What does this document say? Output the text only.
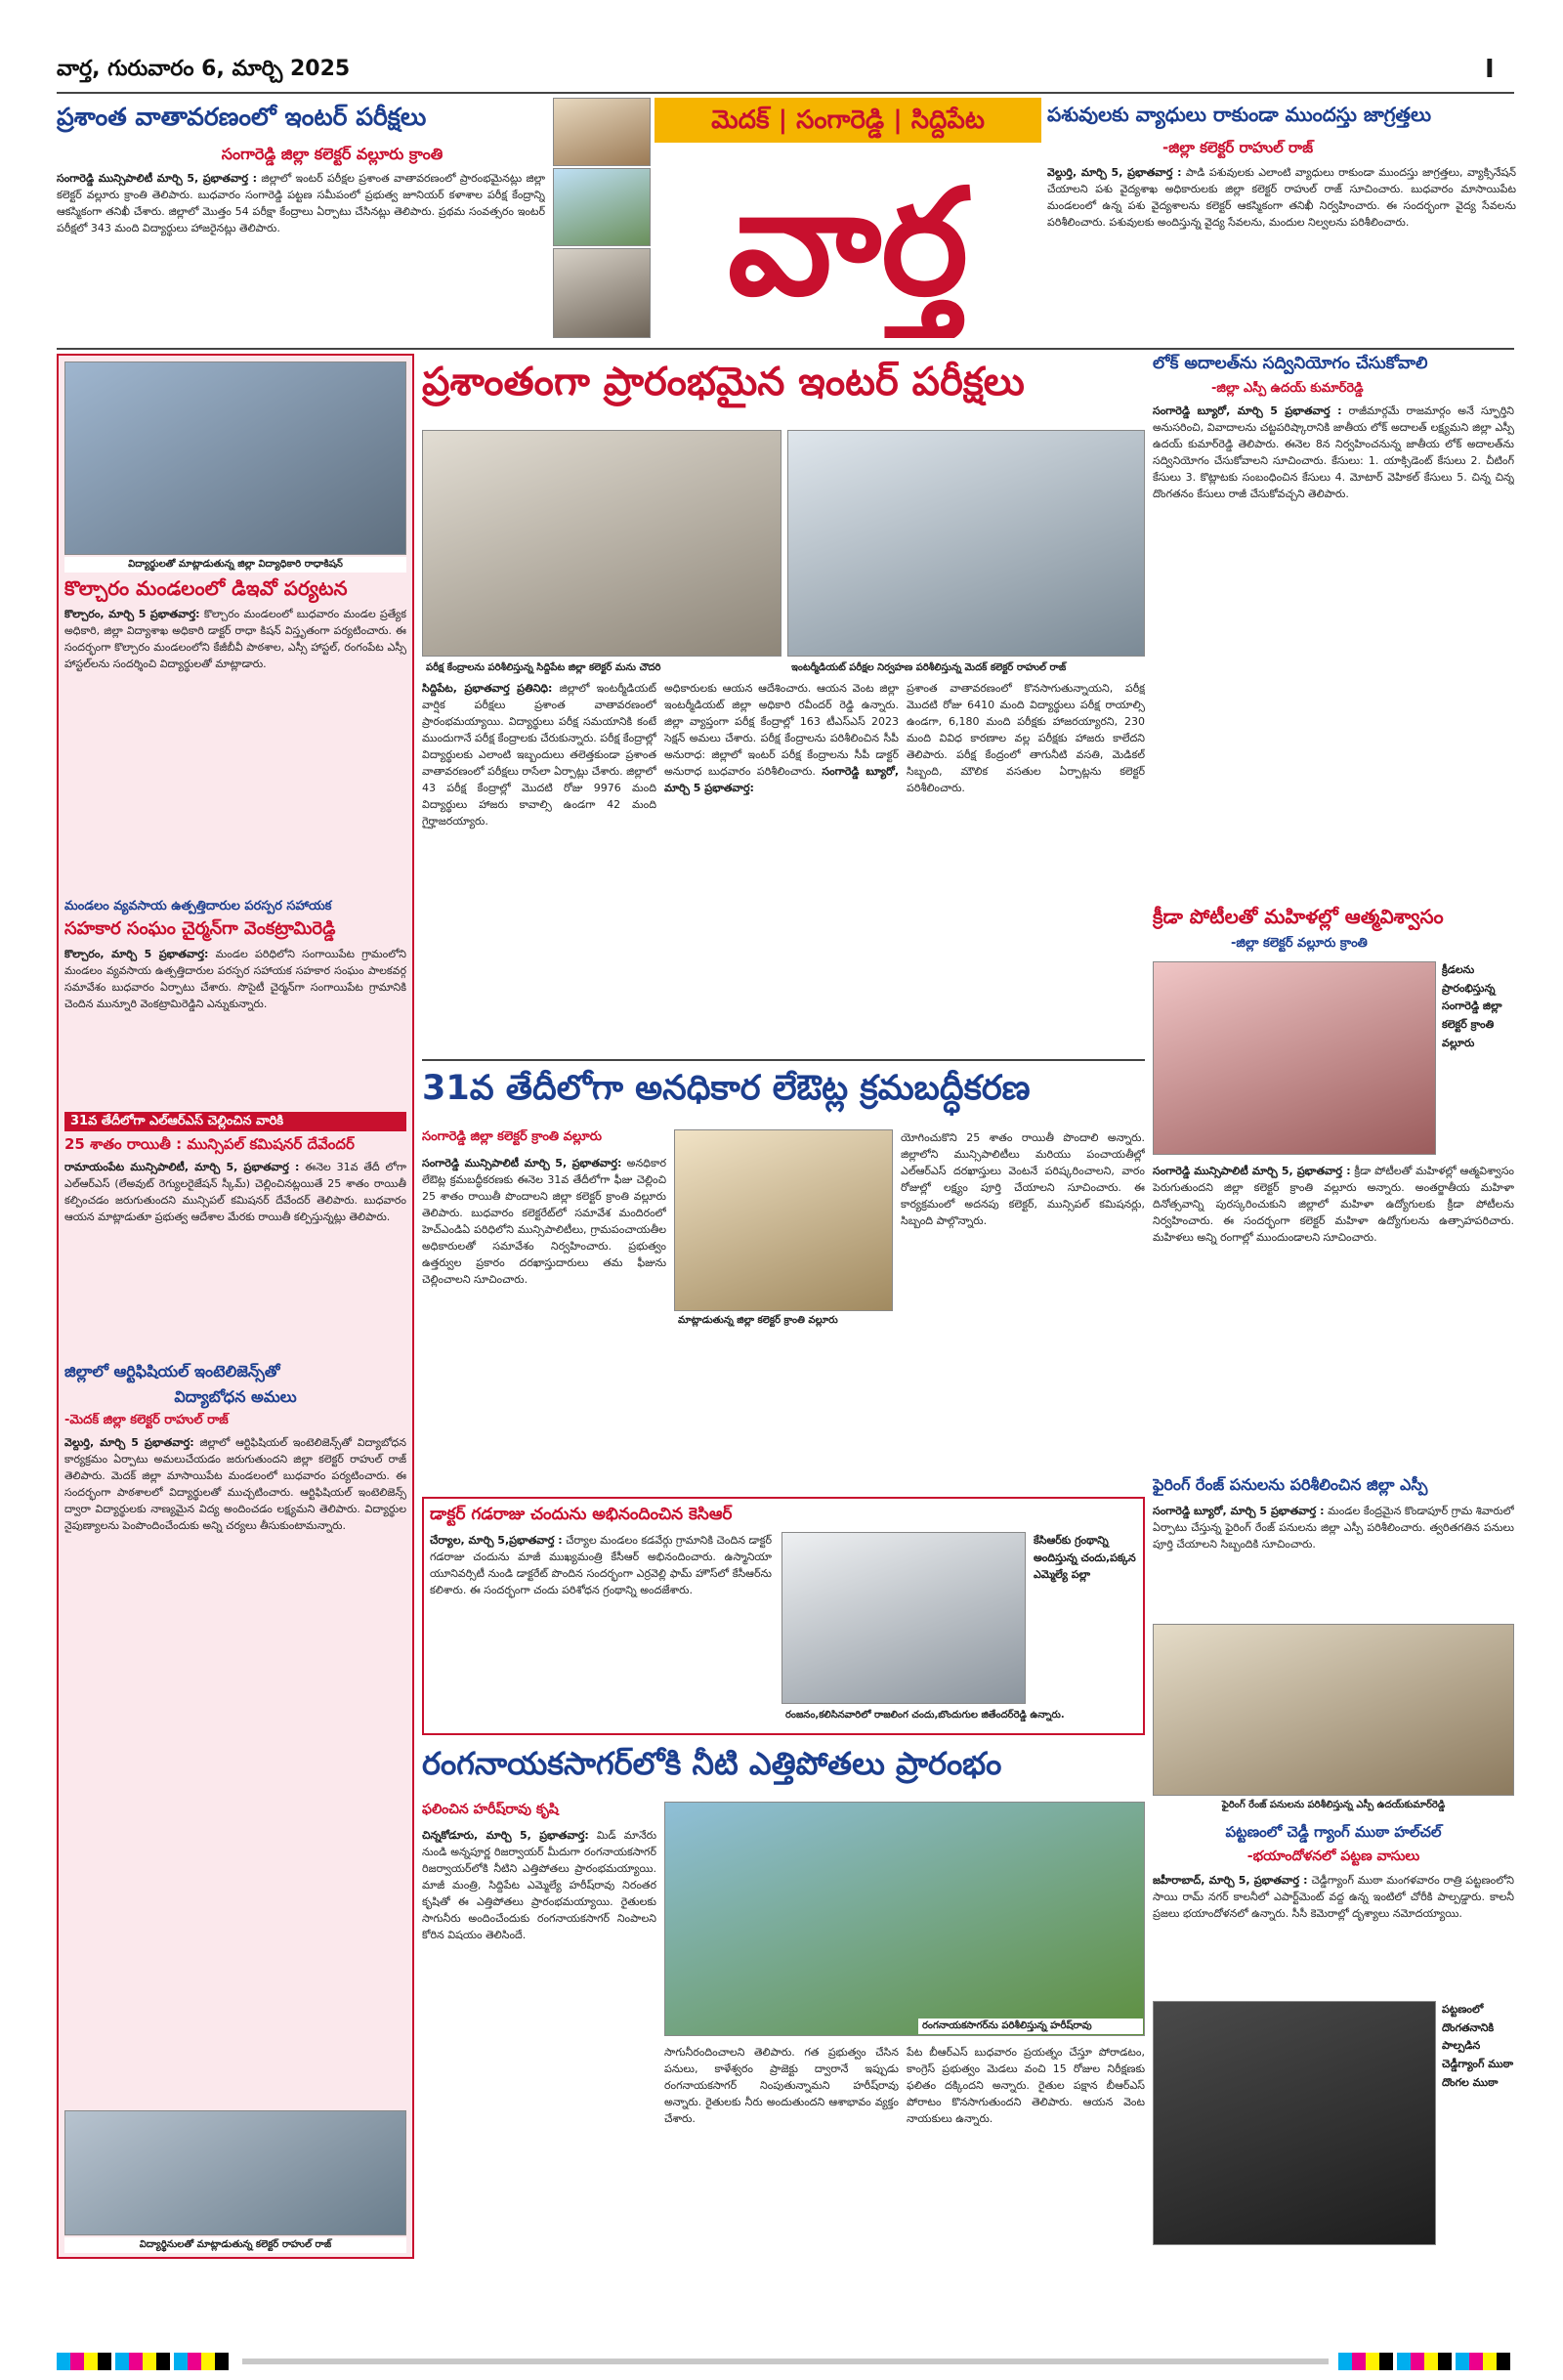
వార్త, గురువారం 6, మార్చి 2025	I
ప్రశాంత వాతావరణంలో ఇంటర్ పరీక్షలు
సంగారెడ్డి జిల్లా కలెక్టర్ వల్లూరు క్రాంతి
సంగారెడ్డి మున్సిపాలిటీ మార్చి 5, ప్రభాతవార్త : జిల్లాలో ఇంటర్ పరీక్షల ప్రశాంత వాతావరణంలో ప్రారంభమైనట్లు జిల్లా కలెక్టర్ వల్లూరు క్రాంతి తెలిపారు. బుధవారం సంగారెడ్డి పట్టణ సమీపంలో ప్రభుత్వ జూనియర్ కళాశాల పరీక్ష కేంద్రాన్ని ఆకస్మికంగా తనిఖీ చేశారు. జిల్లాలో మొత్తం 54 పరీక్షా కేంద్రాలు ఏర్పాటు చేసినట్లు తెలిపారు. ప్రథమ సంవత్సరం ఇంటర్ పరీక్షలో 343 మంది విద్యార్థులు హాజరైనట్లు తెలిపారు.
మెదక్ | సంగారెడ్డి | సిద్దిపేట
వార్త
పశువులకు వ్యాధులు రాకుండా ముందస్తు జాగ్రత్తలు
-జిల్లా కలెక్టర్ రాహుల్ రాజ్
వెల్దుర్తి, మార్చి 5, ప్రభాతవార్త : పాడి పశువులకు ఎలాంటి వ్యాధులు రాకుండా ముందస్తు జాగ్రత్తలు, వ్యాక్సినేషన్ చేయాలని పశు వైద్యశాఖ అధికారులకు జిల్లా కలెక్టర్ రాహుల్ రాజ్ సూచించారు. బుధవారం మాసాయిపేట మండలంలో ఉన్న పశు వైద్యశాలను కలెక్టర్ ఆకస్మికంగా తనిఖీ నిర్వహించారు. ఈ సందర్భంగా వైద్య సేవలను పరిశీలించారు. పశువులకు అందిస్తున్న వైద్య సేవలను, మందుల నిల్వలను పరిశీలించారు.
విద్యార్థులతో మాట్లాడుతున్న జిల్లా విద్యాధికారి రాధాకిషన్
కొల్చారం మండలంలో డిఇవో పర్యటన
కొల్చారం, మార్చి 5 ప్రభాతవార్త: కొల్చారం మండలంలో బుధవారం మండల ప్రత్యేక అధికారి, జిల్లా విద్యాశాఖ అధికారి డాక్టర్ రాధా కిషన్ విస్తృతంగా పర్యటించారు. ఈ సందర్భంగా కొల్చారం మండలంలోని కేజీబీవీ పాఠశాల, ఎస్సీ హాస్టల్, రంగంపేట ఎస్సీ హాస్టల్‌లను సందర్శించి విద్యార్థులతో మాట్లాడారు.
మండలం వ్యవసాయ ఉత్పత్తిదారుల పరస్పర సహాయక
సహకార సంఘం చైర్మన్‌గా వెంకట్రామిరెడ్డి
కొల్చారం, మార్చి 5 ప్రభాతవార్త: మండల పరిధిలోని సంగాయిపేట గ్రామంలోని మండలం వ్యవసాయ ఉత్పత్తిదారుల పరస్పర సహాయక సహకార సంఘం పాలకవర్గ సమావేశం బుధవారం ఏర్పాటు చేశారు. సొసైటీ చైర్మన్‌గా సంగాయిపేట గ్రామానికి చెందిన మున్నూరి వెంకట్రామిరెడ్డిని ఎన్నుకున్నారు.
31వ తేదీలోగా ఎల్ఆర్‌ఎస్ చెల్లించిన వారికి
25 శాతం రాయితీ : మున్సిపల్ కమిషనర్ దేవేందర్
రామాయంపేట మున్సిపాలిటీ, మార్చి 5, ప్రభాతవార్త : ఈనెల 31వ తేదీ లోగా ఎల్ఆర్‌ఎస్ (లేఅవుట్ రెగ్యులరైజేషన్ స్కీమ్) చెల్లించినట్లయితే 25 శాతం రాయితీ కల్పించడం జరుగుతుందని మున్సిపల్ కమిషనర్ దేవేందర్ తెలిపారు. బుధవారం ఆయన మాట్లాడుతూ ప్రభుత్వ ఆదేశాల మేరకు రాయితీ కల్పిస్తున్నట్లు తెలిపారు.
జిల్లాలో ఆర్టిఫిషియల్ ఇంటెలిజెన్స్‌తో
విద్యాబోధన అమలు
-మెదక్ జిల్లా కలెక్టర్ రాహుల్ రాజ్
వెల్దుర్తి, మార్చి 5 ప్రభాతవార్త: జిల్లాలో ఆర్టిఫిషియల్ ఇంటెలిజెన్స్‌తో విద్యాబోధన కార్యక్రమం ఏర్పాటు అమలుచేయడం జరుగుతుందని జిల్లా కలెక్టర్ రాహుల్ రాజ్ తెలిపారు. మెదక్ జిల్లా మాసాయిపేట మండలంలో బుధవారం పర్యటించారు. ఈ సందర్భంగా పాఠశాలలో విద్యార్థులతో ముచ్చటించారు. ఆర్టిఫిషియల్ ఇంటెలిజెన్స్ ద్వారా విద్యార్థులకు నాణ్యమైన విద్య అందించడం లక్ష్యమని తెలిపారు. విద్యార్థుల నైపుణ్యాలను పెంపొందించేందుకు అన్ని చర్యలు తీసుకుంటామన్నారు.
విద్యార్థినులతో మాట్లాడుతున్న కలెక్టర్ రాహుల్ రాజ్
ప్రశాంతంగా ప్రారంభమైన ఇంటర్ పరీక్షలు
పరీక్ష కేంద్రాలను పరిశీలిస్తున్న సిద్దిపేట జిల్లా కలెక్టర్ మను చౌదరి	ఇంటర్మీడియట్ పరీక్షల నిర్వహణ పరిశీలిస్తున్న మెదక్ కలెక్టర్ రాహుల్ రాజ్
సిద్దిపేట, ప్రభాతవార్త ప్రతినిధి: జిల్లాలో ఇంటర్మీడియట్ వార్షిక పరీక్షలు ప్రశాంత వాతావరణంలో ప్రారంభమయ్యాయి. విద్యార్థులు పరీక్ష సమయానికి కంటే ముందుగానే పరీక్ష కేంద్రాలకు చేరుకున్నారు. పరీక్ష కేంద్రాల్లో విద్యార్థులకు ఎలాంటి ఇబ్బందులు తలెత్తకుండా ప్రశాంత వాతావరణంలో పరీక్షలు రాసేలా ఏర్పాట్లు చేశారు. జిల్లాలో 43 పరీక్ష కేంద్రాల్లో మొదటి రోజు 9976 మంది విద్యార్థులు హాజరు కావాల్సి ఉండగా 42 మంది గైర్హాజరయ్యారు.
అధికారులకు ఆయన ఆదేశించారు. ఆయన వెంట జిల్లా ఇంటర్మీడియట్ జిల్లా అధికారి రవీందర్ రెడ్డి ఉన్నారు. జిల్లా వ్యాప్తంగా పరీక్ష కేంద్రాల్లో 163 టీఎస్ఎస్ 2023 సెక్షన్ అమలు చేశారు. పరీక్ష కేంద్రాలను పరిశీలించిన సీపీ అనురాధ: జిల్లాలో ఇంటర్ పరీక్ష కేంద్రాలను సీపీ డాక్టర్ అనురాధ బుధవారం పరిశీలించారు. సంగారెడ్డి బ్యూరో, మార్చి 5 ప్రభాతవార్త:
ప్రశాంత వాతావరణంలో కొనసాగుతున్నాయని, పరీక్ష మొదటి రోజు 6410 మంది విద్యార్థులు పరీక్ష రాయాల్సి ఉండగా, 6,180 మంది పరీక్షకు హాజరయ్యారని, 230 మంది వివిధ కారణాల వల్ల పరీక్షకు హాజరు కాలేదని తెలిపారు. పరీక్ష కేంద్రంలో తాగునీటి వసతి, మెడికల్ సిబ్బంది, మౌలిక వసతుల ఏర్పాట్లను కలెక్టర్ పరిశీలించారు.
31వ తేదీలోగా అనధికార లేఔట్ల క్రమబద్ధీకరణ
సంగారెడ్డి జిల్లా కలెక్టర్ క్రాంతి వల్లూరు
సంగారెడ్డి మున్సిపాలిటీ మార్చి 5, ప్రభాతవార్త: అనధికార లేఔట్ల క్రమబద్ధీకరణకు ఈనెల 31వ తేదీలోగా ఫీజు చెల్లించి 25 శాతం రాయితీ పొందాలని జిల్లా కలెక్టర్ క్రాంతి వల్లూరు తెలిపారు. బుధవారం కలెక్టరేట్‌లో సమావేశ మందిరంలో హెచ్ఎండిఏ పరిధిలోని మున్సిపాలిటీలు, గ్రామపంచాయతీల అధికారులతో సమావేశం నిర్వహించారు. ప్రభుత్వం ఉత్తర్వుల ప్రకారం దరఖాస్తుదారులు తమ ఫీజును చెల్లించాలని సూచించారు.
మాట్లాడుతున్న జిల్లా కలెక్టర్ క్రాంతి వల్లూరు
యోగించుకొని 25 శాతం రాయితీ పొందాలి అన్నారు. జిల్లాలోని మున్సిపాలిటీలు మరియు పంచాయతీల్లో ఎల్ఆర్‌ఎస్ దరఖాస్తులు వెంటనే పరిష్కరించాలని, వారం రోజుల్లో లక్ష్యం పూర్తి చేయాలని సూచించారు. ఈ కార్యక్రమంలో అదనపు కలెక్టర్, మున్సిపల్ కమిషనర్లు, సిబ్బంది పాల్గొన్నారు.
డాక్టర్ గడరాజు చందును అభినందించిన కెసిఆర్
చేర్యాల, మార్చి 5,ప్రభాతవార్త : చేర్యాల మండలం కడవేర్గు గ్రామానికి చెందిన డాక్టర్ గడరాజు చందును మాజీ ముఖ్యమంత్రి కేసీఆర్ అభినందించారు. ఉస్మానియా యూనివర్సిటీ నుండి డాక్టరేట్ పొందిన సందర్భంగా ఎర్రవెల్లి ఫామ్ హౌస్‌లో కేసీఆర్‌ను కలిశారు. ఈ సందర్భంగా చందు పరిశోధన గ్రంథాన్ని అందజేశారు.
కేసిఆర్‌కు గ్రంథాన్ని అందిస్తున్న చందు,పక్కన ఎమ్మెల్యే పల్లా
రంజనం,కలిసినవారిలో రాజలింగ చందు,బొందుగుల జితేందర్‌రెడ్డి ఉన్నారు.
రంగనాయకసాగర్‌లోకి నీటి ఎత్తిపోతలు ప్రారంభం
ఫలించిన హరీష్‌రావు కృషి
చిన్నకోడూరు, మార్చి 5, ప్రభాతవార్త: మిడ్ మానేరు నుండి అన్నపూర్ణ రిజర్వాయర్ మీదుగా రంగనాయకసాగర్ రిజర్వాయర్‌లోకి నీటిని ఎత్తిపోతలు ప్రారంభమయ్యాయి. మాజీ మంత్రి, సిద్దిపేట ఎమ్మెల్యే హరీష్‌రావు నిరంతర కృషితో ఈ ఎత్తిపోతలు ప్రారంభమయ్యాయి. రైతులకు సాగునీరు అందించేందుకు రంగనాయకసాగర్ నింపాలని కోరిన విషయం తెలిసిందే.
రంగనాయకసాగర్‌ను పరిశీలిస్తున్న హరీష్‌రావు
సాగునీరందించాలని తెలిపారు. గత ప్రభుత్వం చేసిన పనులు, కాళేశ్వరం ప్రాజెక్టు ద్వారానే ఇప్పుడు రంగనాయకసాగర్ నింపుతున్నామని హరీష్‌రావు అన్నారు. రైతులకు నీరు అందుతుందని ఆశాభావం వ్యక్తం చేశారు.
పేట బీఆర్‌ఎస్ బుధవారం ప్రయత్నం చేస్తూ పోరాడటం, కాంగ్రెస్ ప్రభుత్వం మెడలు వంచి 15 రోజుల నిరీక్షణకు ఫలితం దక్కిందని అన్నారు. రైతుల పక్షాన బీఆర్‌ఎస్ పోరాటం కొనసాగుతుందని తెలిపారు. ఆయన వెంట నాయకులు ఉన్నారు.
లోక్ అదాలత్‌ను సద్వినియోగం చేసుకోవాలి
-జిల్లా ఎస్పీ ఉదయ్ కుమార్‌రెడ్డి
సంగారెడ్డి బ్యూరో, మార్చి 5 ప్రభాతవార్త : రాజీమార్గమే రాజమార్గం అనే స్ఫూర్తిని అనుసరించి, వివాదాలను చట్టపరిష్కారానికి జాతీయ లోక్ అదాలత్ లక్ష్యమని జిల్లా ఎస్పీ ఉదయ్ కుమార్‌రెడ్డి తెలిపారు. ఈనెల 8న నిర్వహించనున్న జాతీయ లోక్ అదాలత్‌ను సద్వినియోగం చేసుకోవాలని సూచించారు. కేసులు: 1. యాక్సిడెంట్ కేసులు 2. చీటింగ్ కేసులు 3. కొట్లాటకు సంబంధించిన కేసులు 4. మోటార్ వెహికల్ కేసులు 5. చిన్న చిన్న దొంగతనం కేసులు రాజీ చేసుకోవచ్చని తెలిపారు.
క్రీడా పోటీలతో మహిళల్లో ఆత్మవిశ్వాసం
-జిల్లా కలెక్టర్ వల్లూరు క్రాంతి
క్రీడలను ప్రారంభిస్తున్న సంగారెడ్డి జిల్లా కలెక్టర్ క్రాంతి వల్లూరు
సంగారెడ్డి మున్సిపాలిటీ మార్చి 5, ప్రభాతవార్త : క్రీడా పోటీలతో మహిళల్లో ఆత్మవిశ్వాసం పెరుగుతుందని జిల్లా కలెక్టర్ క్రాంతి వల్లూరు అన్నారు. అంతర్జాతీయ మహిళా దినోత్సవాన్ని పురస్కరించుకుని జిల్లాలో మహిళా ఉద్యోగులకు క్రీడా పోటీలను నిర్వహించారు. ఈ సందర్భంగా కలెక్టర్ మహిళా ఉద్యోగులను ఉత్సాహపరిచారు. మహిళలు అన్ని రంగాల్లో ముందుండాలని సూచించారు.
ఫైరింగ్ రేంజ్ పనులను పరిశీలించిన జిల్లా ఎస్పీ
సంగారెడ్డి బ్యూరో, మార్చి 5 ప్రభాతవార్త : మండల కేంద్రమైన కొండాపూర్ గ్రామ శివారులో ఏర్పాటు చేస్తున్న ఫైరింగ్ రేంజ్ పనులను జిల్లా ఎస్పీ పరిశీలించారు. త్వరితగతిన పనులు పూర్తి చేయాలని సిబ్బందికి సూచించారు.
ఫైరింగ్ రేంజ్ పనులను పరిశీలిస్తున్న ఎస్పీ ఉదయ్‌కుమార్‌రెడ్డి
పట్టణంలో చెడ్డీ గ్యాంగ్ ముఠా హల్‌చల్
-భయాందోళనలో పట్టణ వాసులు
జహీరాబాద్, మార్చి 5, ప్రభాతవార్త : చెడ్డీగ్యాంగ్ ముఠా మంగళవారం రాత్రి పట్టణంలోని సాయి రామ్ నగర్ కాలనీలో ఎపార్ట్‌మెంట్ వద్ద ఉన్న ఇంటిలో చోరీకి పాల్పడ్డారు. కాలనీ ప్రజలు భయాందోళనలో ఉన్నారు. సీసీ కెమెరాల్లో దృశ్యాలు నమోదయ్యాయి.
పట్టణంలో దొంగతనానికి పాల్పడిన చెడ్డీగ్యాంగ్ ముఠా దొంగల ముఠా
